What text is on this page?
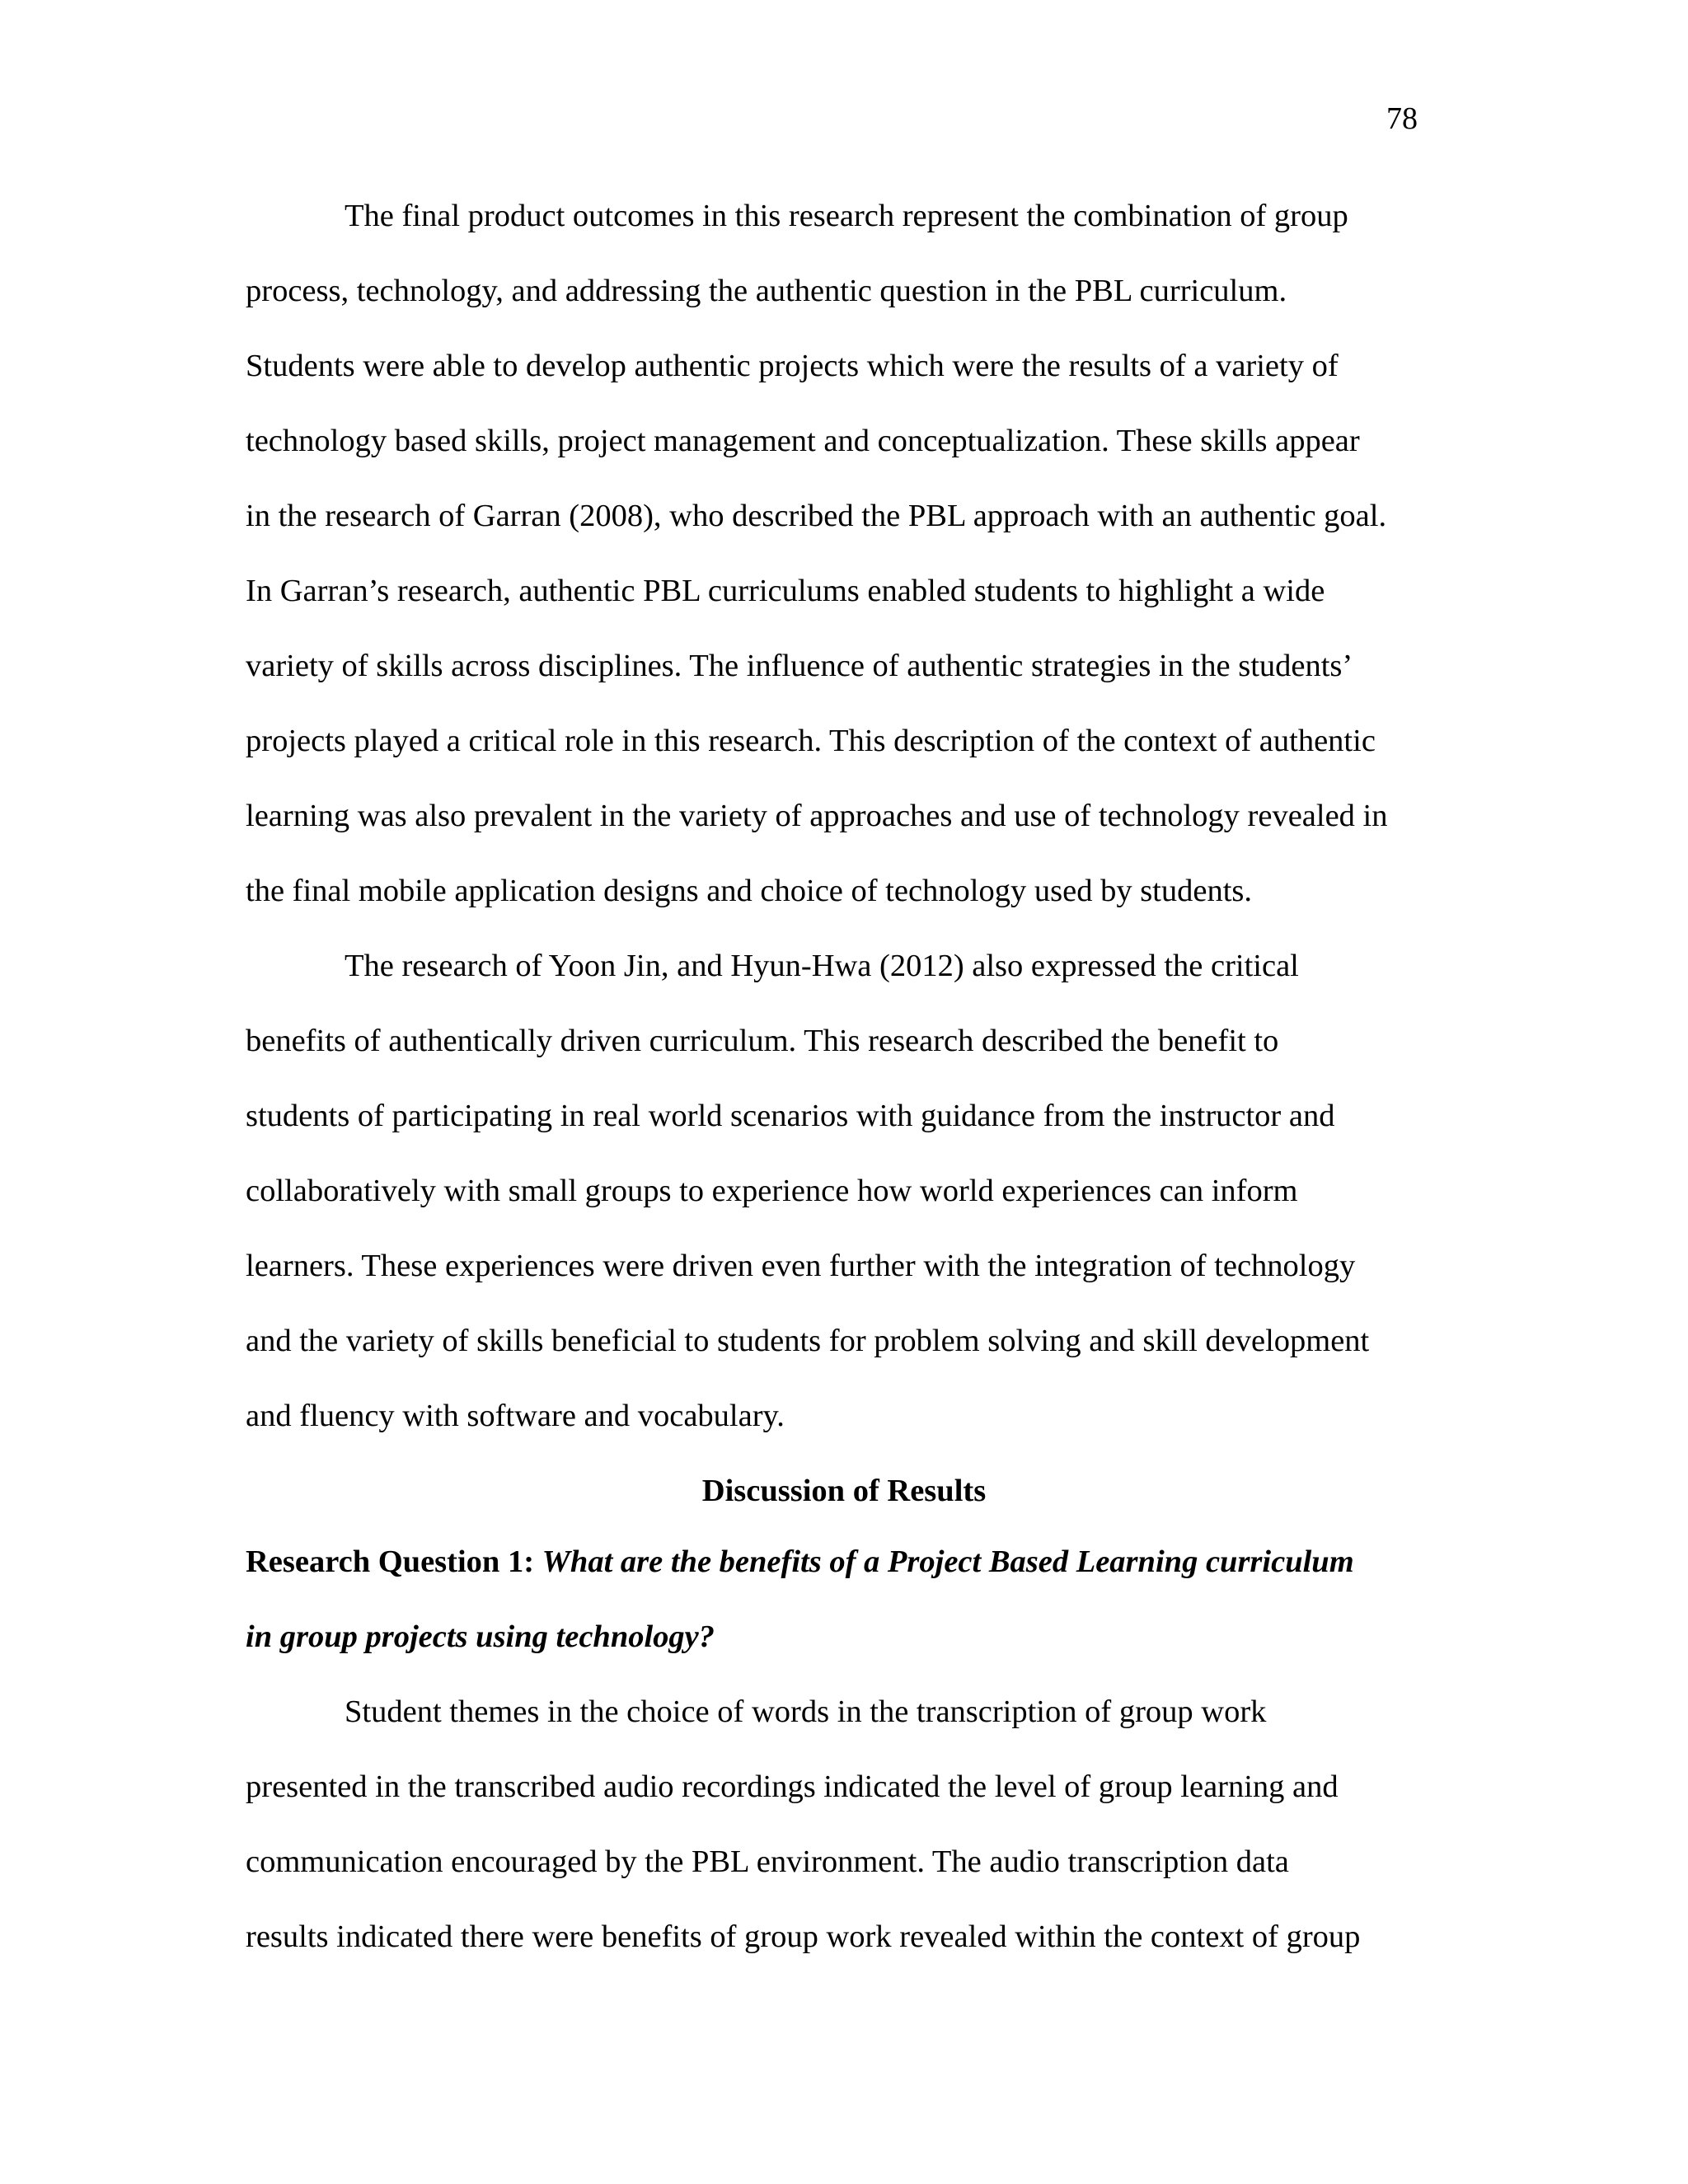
78
The final product outcomes in this research represent the combination of group
process, technology, and addressing the authentic question in the PBL curriculum.
Students were able to develop authentic projects which were the results of a variety of
technology based skills, project management and conceptualization. These skills appear
in the research of Garran (2008), who described the PBL approach with an authentic goal.
In Garran’s research, authentic PBL curriculums enabled students to highlight a wide
variety of skills across disciplines. The influence of authentic strategies in the students’
projects played a critical role in this research. This description of the context of authentic
learning was also prevalent in the variety of approaches and use of technology revealed in
the final mobile application designs and choice of technology used by students.
The research of Yoon Jin, and Hyun-Hwa (2012) also expressed the critical
benefits of authentically driven curriculum. This research described the benefit to
students of participating in real world scenarios with guidance from the instructor and
collaboratively with small groups to experience how world experiences can inform
learners. These experiences were driven even further with the integration of technology
and the variety of skills beneficial to students for problem solving and skill development
and fluency with software and vocabulary.
Discussion of Results
Research Question 1: What are the benefits of a Project Based Learning curriculum
in group projects using technology?
Student themes in the choice of words in the transcription of group work
presented in the transcribed audio recordings indicated the level of group learning and
communication encouraged by the PBL environment. The audio transcription data
results indicated there were benefits of group work revealed within the context of group
